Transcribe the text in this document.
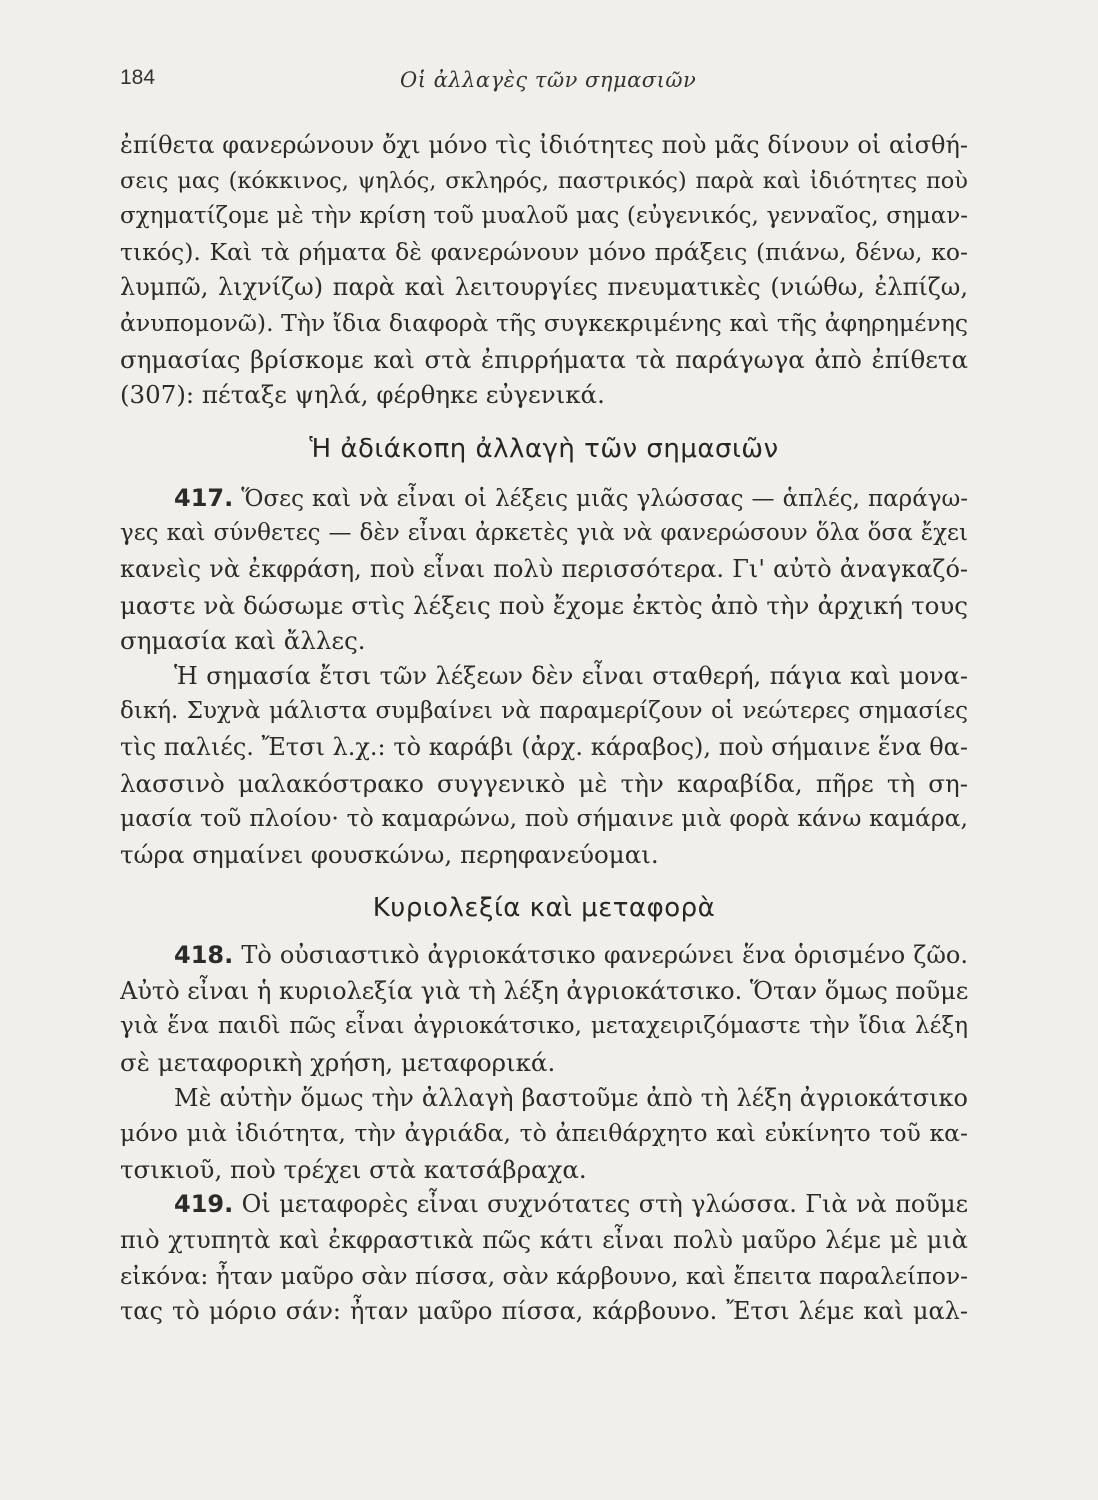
184	Οἱ ἀλλαγὲς τῶν σημασιῶν
ἐπίθετα φανερώνουν ὄχι μόνο τὶς ἰδιότητες ποὺ μᾶς δίνουν οἱ αἰσθή-
σεις μας (κόκκινος, ψηλός, σκληρός, παστρικός) παρὰ καὶ ἰδιότητες ποὺ
σχηματίζομε μὲ τὴν κρίση τοῦ μυαλοῦ μας (εὐγενικός, γενναῖος, σημαν-
τικός). Καὶ τὰ ρήματα δὲ φανερώνουν μόνο πράξεις (πιάνω, δένω, κο-
λυμπῶ, λιχνίζω) παρὰ καὶ λειτουργίες πνευματικὲς (νιώθω, ἐλπίζω,
ἀνυπομονῶ). Τὴν ἴδια διαφορὰ τῆς συγκεκριμένης καὶ τῆς ἀφηρημένης
σημασίας βρίσκομε καὶ στὰ ἐπιρρήματα τὰ παράγωγα ἀπὸ ἐπίθετα
(307): πέταξε ψηλά, φέρθηκε εὐγενικά.
Ἡ ἀδιάκοπη ἀλλαγὴ τῶν σημασιῶν
417. Ὅσες καὶ νὰ εἶναι οἱ λέξεις μιᾶς γλώσσας — ἁπλές, παράγω-
γες καὶ σύνθετες — δὲν εἶναι ἀρκετὲς γιὰ νὰ φανερώσουν ὅλα ὅσα ἔχει
κανεὶς νὰ ἐκφράση, ποὺ εἶναι πολὺ περισσότερα. Γι' αὐτὸ ἀναγκαζό-
μαστε νὰ δώσωμε στὶς λέξεις ποὺ ἔχομε ἐκτὸς ἀπὸ τὴν ἀρχική τους
σημασία καὶ ἄλλες.
Ἡ σημασία ἔτσι τῶν λέξεων δὲν εἶναι σταθερή, πάγια καὶ μονα-
δική. Συχνὰ μάλιστα συμβαίνει νὰ παραμερίζουν οἱ νεώτερες σημασίες
τὶς παλιές. Ἔτσι λ.χ.: τὸ καράβι (ἀρχ. κάραβος), ποὺ σήμαινε ἕνα θα-
λασσινὸ μαλακόστρακο συγγενικὸ μὲ τὴν καραβίδα, πῆρε τὴ ση-
μασία τοῦ πλοίου· τὸ καμαρώνω, ποὺ σήμαινε μιὰ φορὰ κάνω καμάρα,
τώρα σημαίνει φουσκώνω, περηφανεύομαι.
Κυριολεξία καὶ μεταφορὰ
418. Τὸ οὐσιαστικὸ ἀγριοκάτσικο φανερώνει ἕνα ὁρισμένο ζῶο.
Αὐτὸ εἶναι ἡ κυριολεξία γιὰ τὴ λέξη ἀγριοκάτσικο. Ὅταν ὅμως ποῦμε
γιὰ ἕνα παιδὶ πῶς εἶναι ἀγριοκάτσικο, μεταχειριζόμαστε τὴν ἴδια λέξη
σὲ μεταφορικὴ χρήση, μεταφορικά.
Μὲ αὐτὴν ὅμως τὴν ἀλλαγὴ βαστοῦμε ἀπὸ τὴ λέξη ἀγριοκάτσικο
μόνο μιὰ ἰδιότητα, τὴν ἀγριάδα, τὸ ἀπειθάρχητο καὶ εὐκίνητο τοῦ κα-
τσικιοῦ, ποὺ τρέχει στὰ κατσάβραχα.
419. Οἱ μεταφορὲς εἶναι συχνότατες στὴ γλώσσα. Γιὰ νὰ ποῦμε
πιὸ χτυπητὰ καὶ ἐκφραστικὰ πῶς κάτι εἶναι πολὺ μαῦρο λέμε μὲ μιὰ
εἰκόνα: ἦταν μαῦρο σὰν πίσσα, σὰν κάρβουνο, καὶ ἔπειτα παραλείπον-
τας τὸ μόριο σάν: ἦταν μαῦρο πίσσα, κάρβουνο. Ἔτσι λέμε καὶ μαλ-
